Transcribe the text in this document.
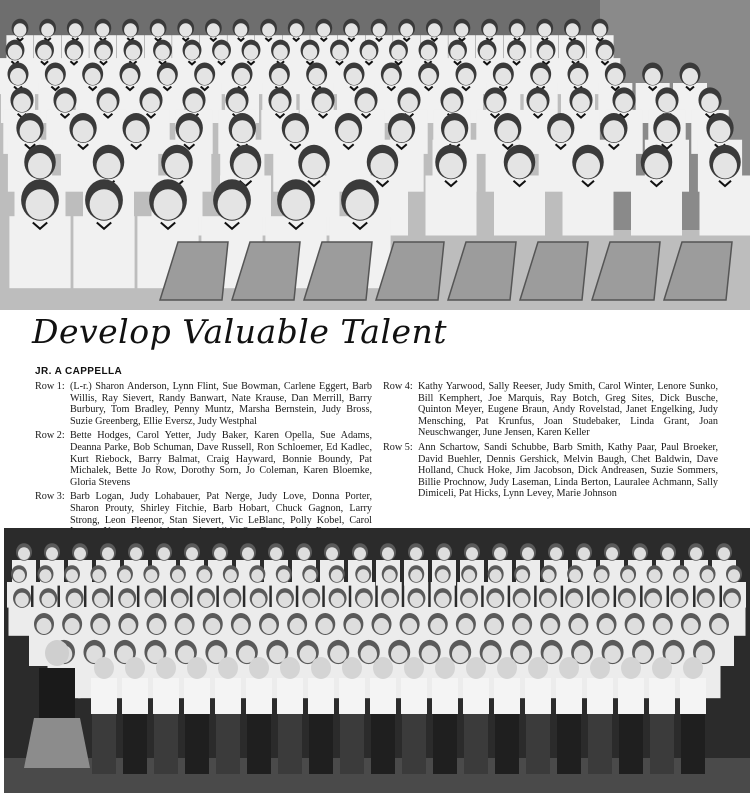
Develop Valuable Talent
JR. A CAPPELLA
Row 1: (L-r.) Sharon Anderson, Lynn Flint, Sue Bowman, Carlene Eggert, Barb Willis, Ray Sievert, Randy Banwart, Nate Krause, Dan Merrill, Barry Burbury, Tom Bradley, Penny Muntz, Marsha Bernstein, Judy Bross, Suzie Greenberg, Ellie Eversz, Judy Westphal
Row 2: Bette Hodges, Carol Yetter, Judy Baker, Karen Opella, Sue Adams, Deanna Parke, Bob Schuman, Dave Russell, Ron Schloemer, Ed Kadlec, Kurt Riebock, Barry Balmat, Craig Hayward, Bonnie Boundy, Pat Michalek, Bette Jo Row, Dorothy Sorn, Jo Coleman, Karen Bloemke, Gloria Stevens
Row 3: Barb Logan, Judy Lohabauer, Pat Nerge, Judy Love, Donna Porter, Sharon Prouty, Shirley Fitchie, Barb Hobart, Chuck Gagnon, Larry Strong, Leon Fleenor, Stan Sievert, Vic LeBlanc, Polly Kobel, Carol
Row 4: Kathy Yarwood, Sally Reeser, Judy Smith, Carol Winter, Lenore Sunko, Bill Kemphert, Joe Marquis, Ray Botch, Greg Sites, Dick Busche, Quinton Meyer, Eugene Braun, Andy Rovelstad, Janet Engelking, Judy Mensching, Pat Krunfus, Joan Studebaker, Linda Grant, Joan Neuschwanger, June Jensen, Karen Keller
Row 5: Ann Schartow, Sandi Schubbe, Barb Smith, Kathy Paar, Paul Broeker, David Buehler, Dennis Gershick, Melvin Baugh, Chet Baldwin, Dave Holland, Chuck Hoke, Jim Jacobson, Dick Andreasen, Suzie Sommers, Billie Prochnow, Judy Laseman, Linda Berton, Lauralee Achmann, Sally Dimiceli, Pat Hicks, Lynn Levey, Marie Johnson
